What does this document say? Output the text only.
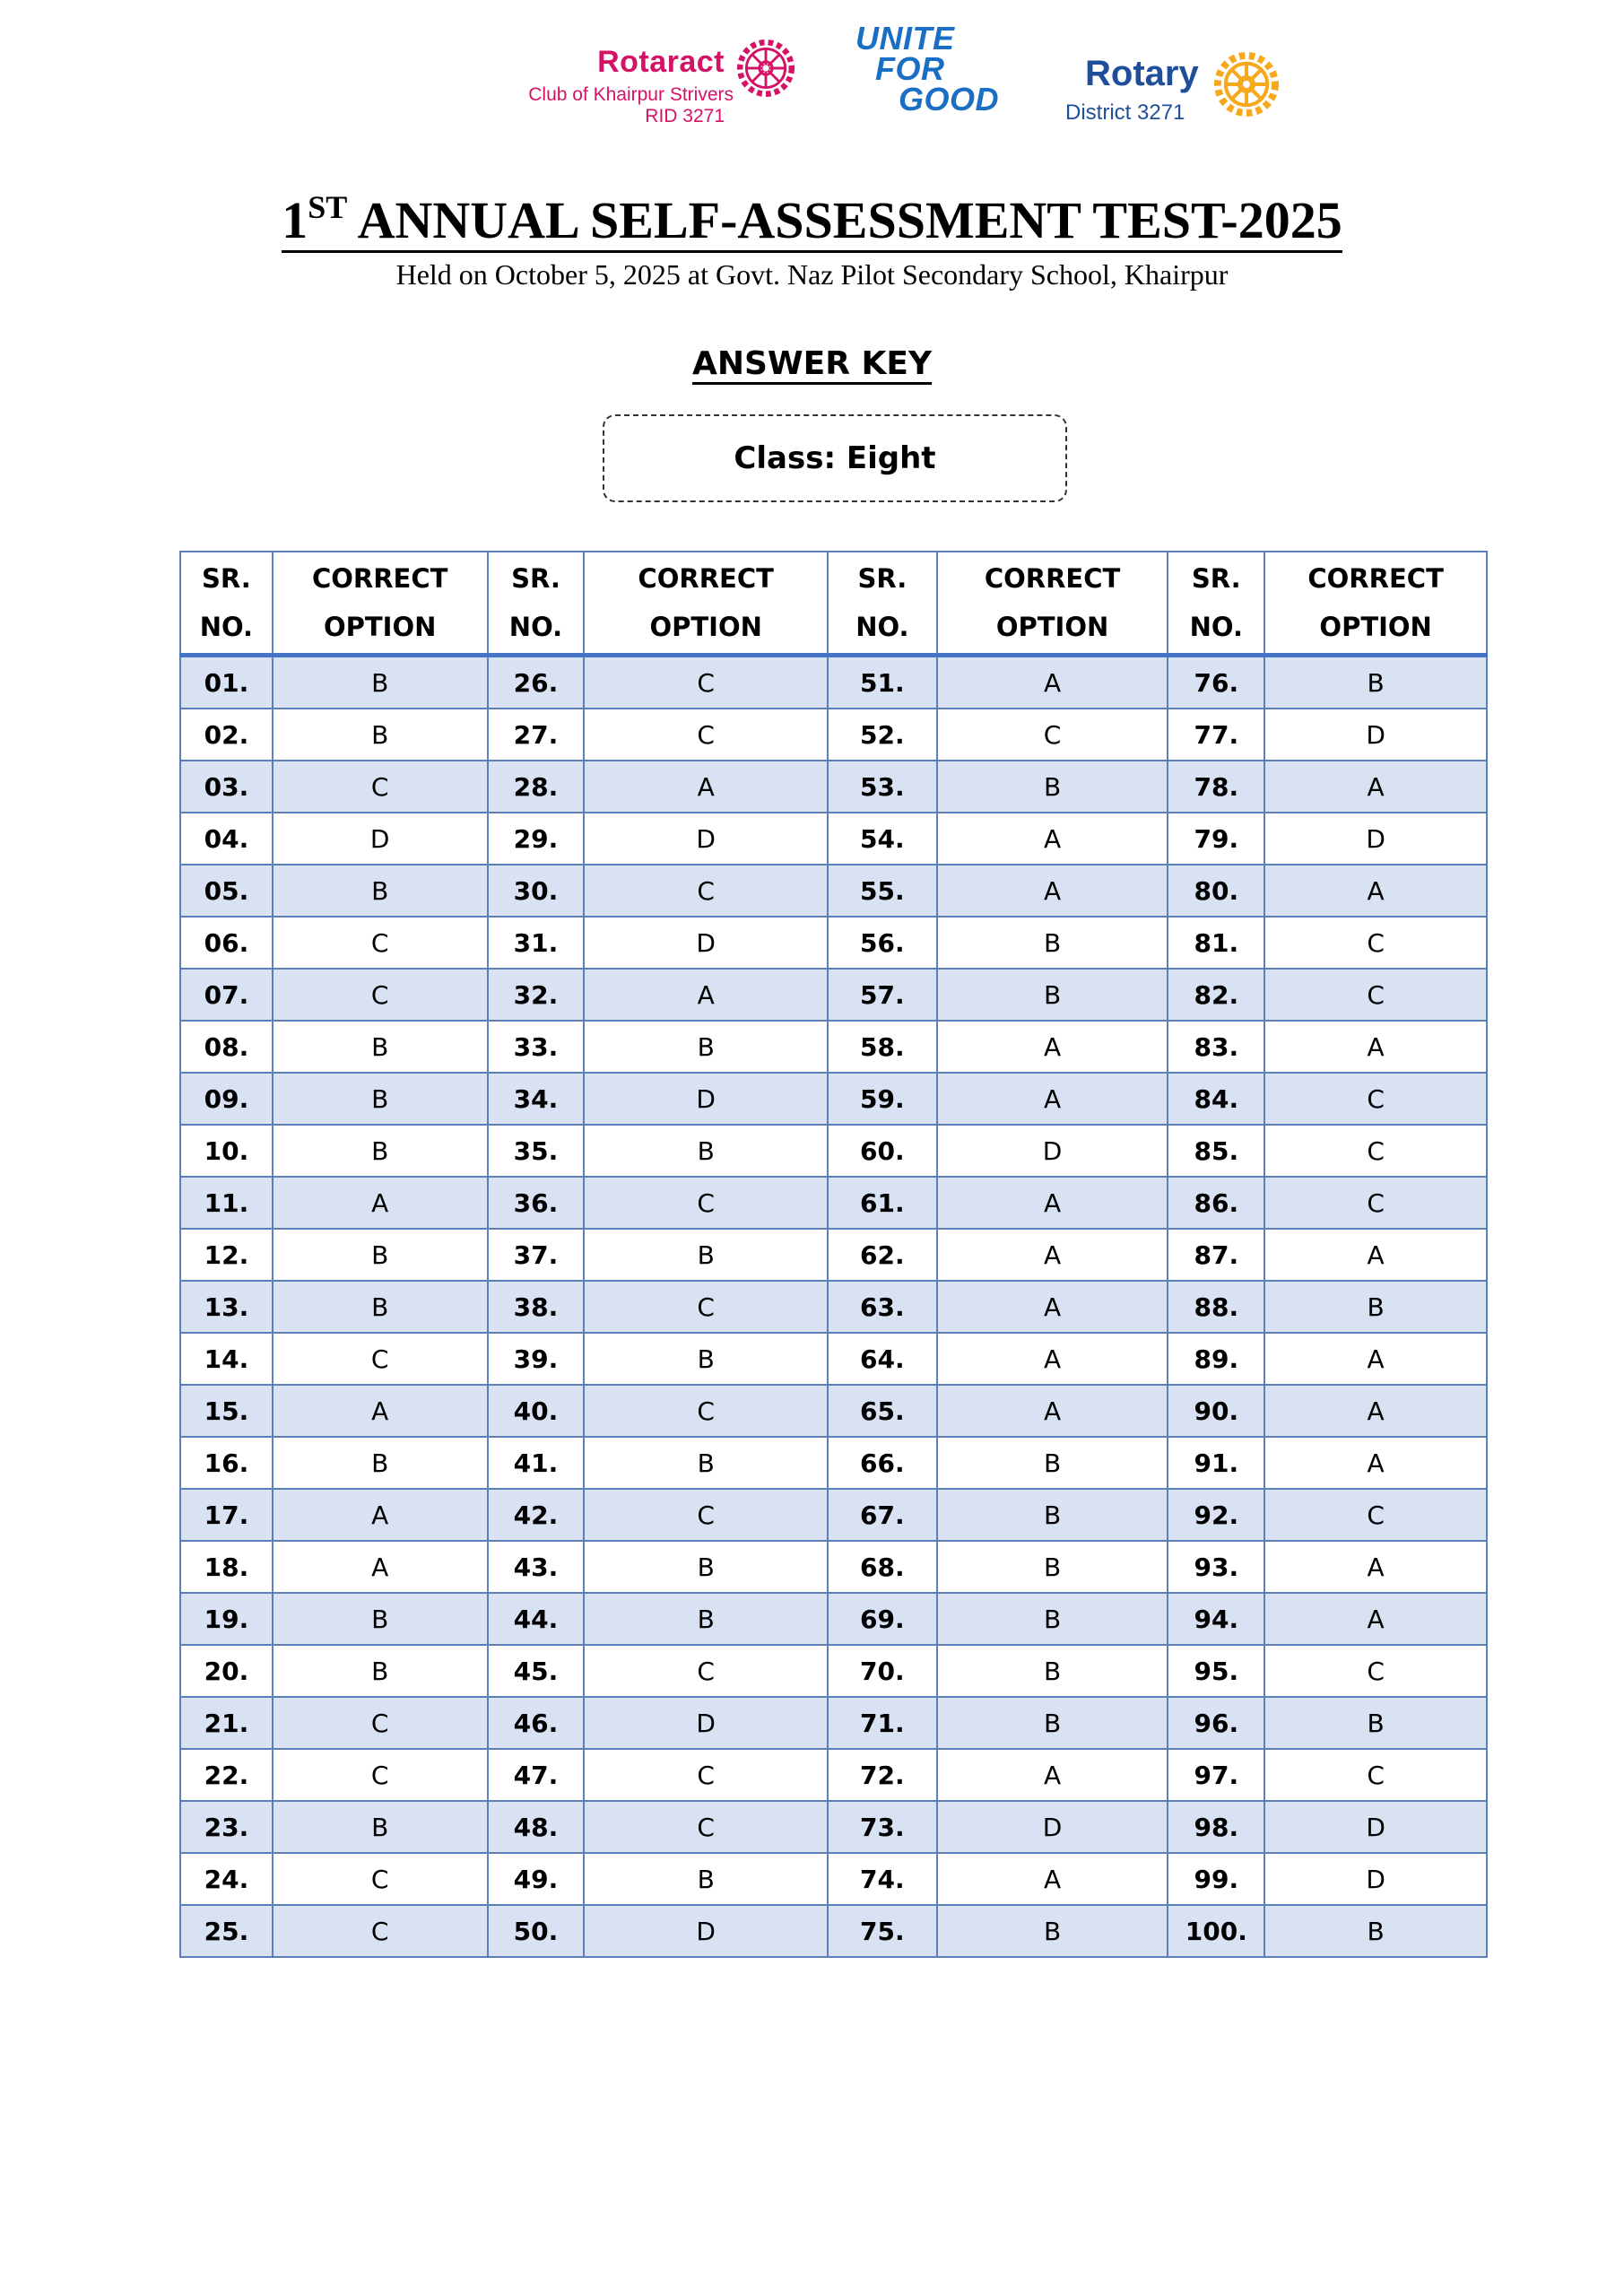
Rotaract
Club of Khairpur Strivers
RID 3271
UNITE
FOR
GOOD
Rotary
District 3271
1ST ANNUAL SELF-ASSESSMENT TEST-2025
Held on October 5, 2025 at Govt. Naz Pilot Secondary School, Khairpur
ANSWER KEY
Class: Eight
SR.
NO.	CORRECT
OPTION	SR.
NO.	CORRECT
OPTION	SR.
NO.	CORRECT
OPTION	SR.
NO.	CORRECT
OPTION
01.	B	26.	C	51.	A	76.	B
02.	B	27.	C	52.	C	77.	D
03.	C	28.	A	53.	B	78.	A
04.	D	29.	D	54.	A	79.	D
05.	B	30.	C	55.	A	80.	A
06.	C	31.	D	56.	B	81.	C
07.	C	32.	A	57.	B	82.	C
08.	B	33.	B	58.	A	83.	A
09.	B	34.	D	59.	A	84.	C
10.	B	35.	B	60.	D	85.	C
11.	A	36.	C	61.	A	86.	C
12.	B	37.	B	62.	A	87.	A
13.	B	38.	C	63.	A	88.	B
14.	C	39.	B	64.	A	89.	A
15.	A	40.	C	65.	A	90.	A
16.	B	41.	B	66.	B	91.	A
17.	A	42.	C	67.	B	92.	C
18.	A	43.	B	68.	B	93.	A
19.	B	44.	B	69.	B	94.	A
20.	B	45.	C	70.	B	95.	C
21.	C	46.	D	71.	B	96.	B
22.	C	47.	C	72.	A	97.	C
23.	B	48.	C	73.	D	98.	D
24.	C	49.	B	74.	A	99.	D
25.	C	50.	D	75.	B	100.	B
